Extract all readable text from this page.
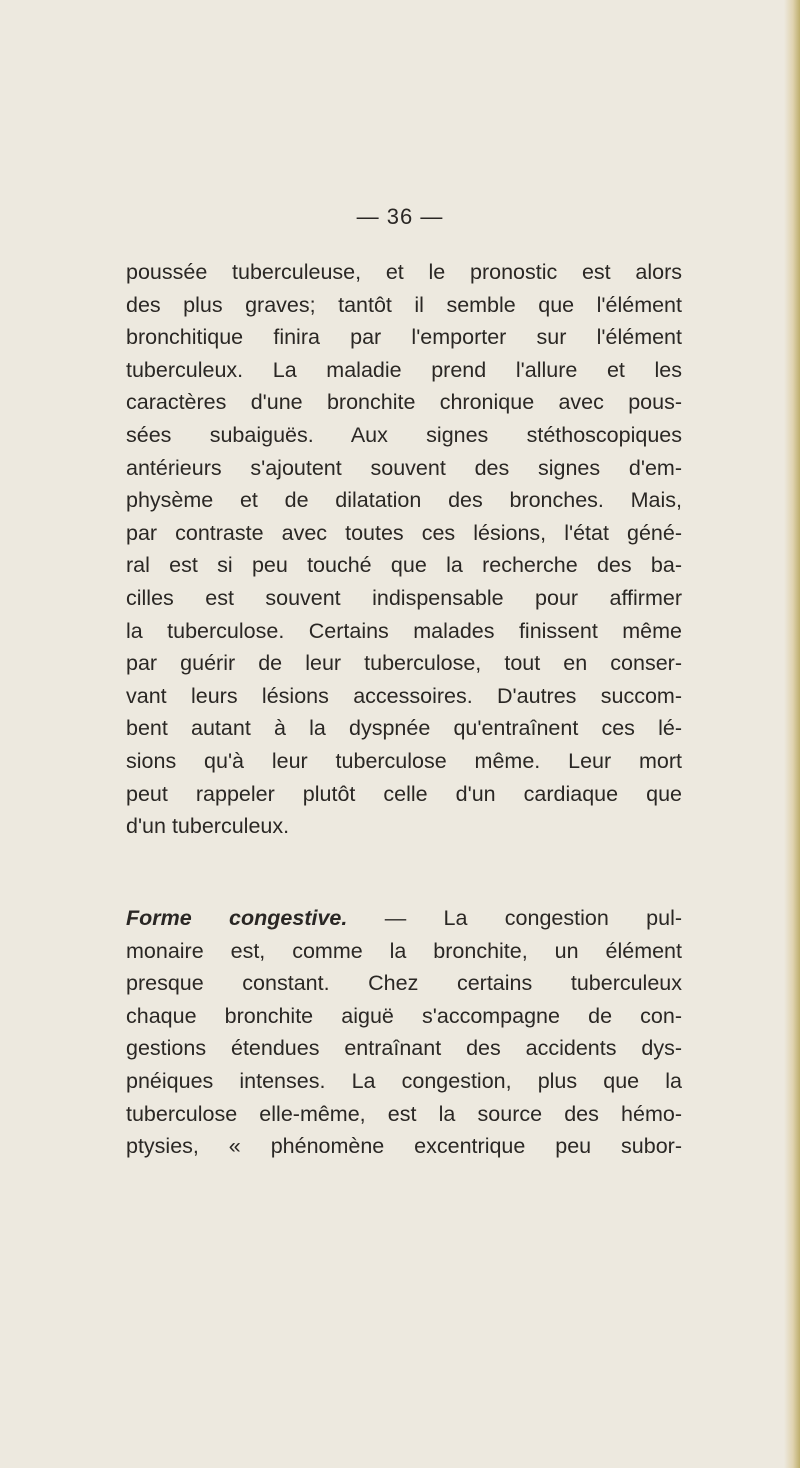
— 36 —
poussée tuberculeuse, et le pronostic est alors
des plus graves; tantôt il semble que l'élément
bronchitique finira par l'emporter sur l'élément
tuberculeux. La maladie prend l'allure et les
caractères d'une bronchite chronique avec pous-
sées subaiguës. Aux signes stéthoscopiques
antérieurs s'ajoutent souvent des signes d'em-
physème et de dilatation des bronches. Mais,
par contraste avec toutes ces lésions, l'état géné-
ral est si peu touché que la recherche des ba-
cilles est souvent indispensable pour affirmer
la tuberculose. Certains malades finissent même
par guérir de leur tuberculose, tout en conser-
vant leurs lésions accessoires. D'autres succom-
bent autant à la dyspnée qu'entraînent ces lé-
sions qu'à leur tuberculose même. Leur mort
peut rappeler plutôt celle d'un cardiaque que
d'un tuberculeux.
Forme congestive. — La congestion pul-
monaire est, comme la bronchite, un élément
presque constant. Chez certains tuberculeux
chaque bronchite aiguë s'accompagne de con-
gestions étendues entraînant des accidents dys-
pnéiques intenses. La congestion, plus que la
tuberculose elle-même, est la source des hémo-
ptysies, « phénomène excentrique peu subor-
